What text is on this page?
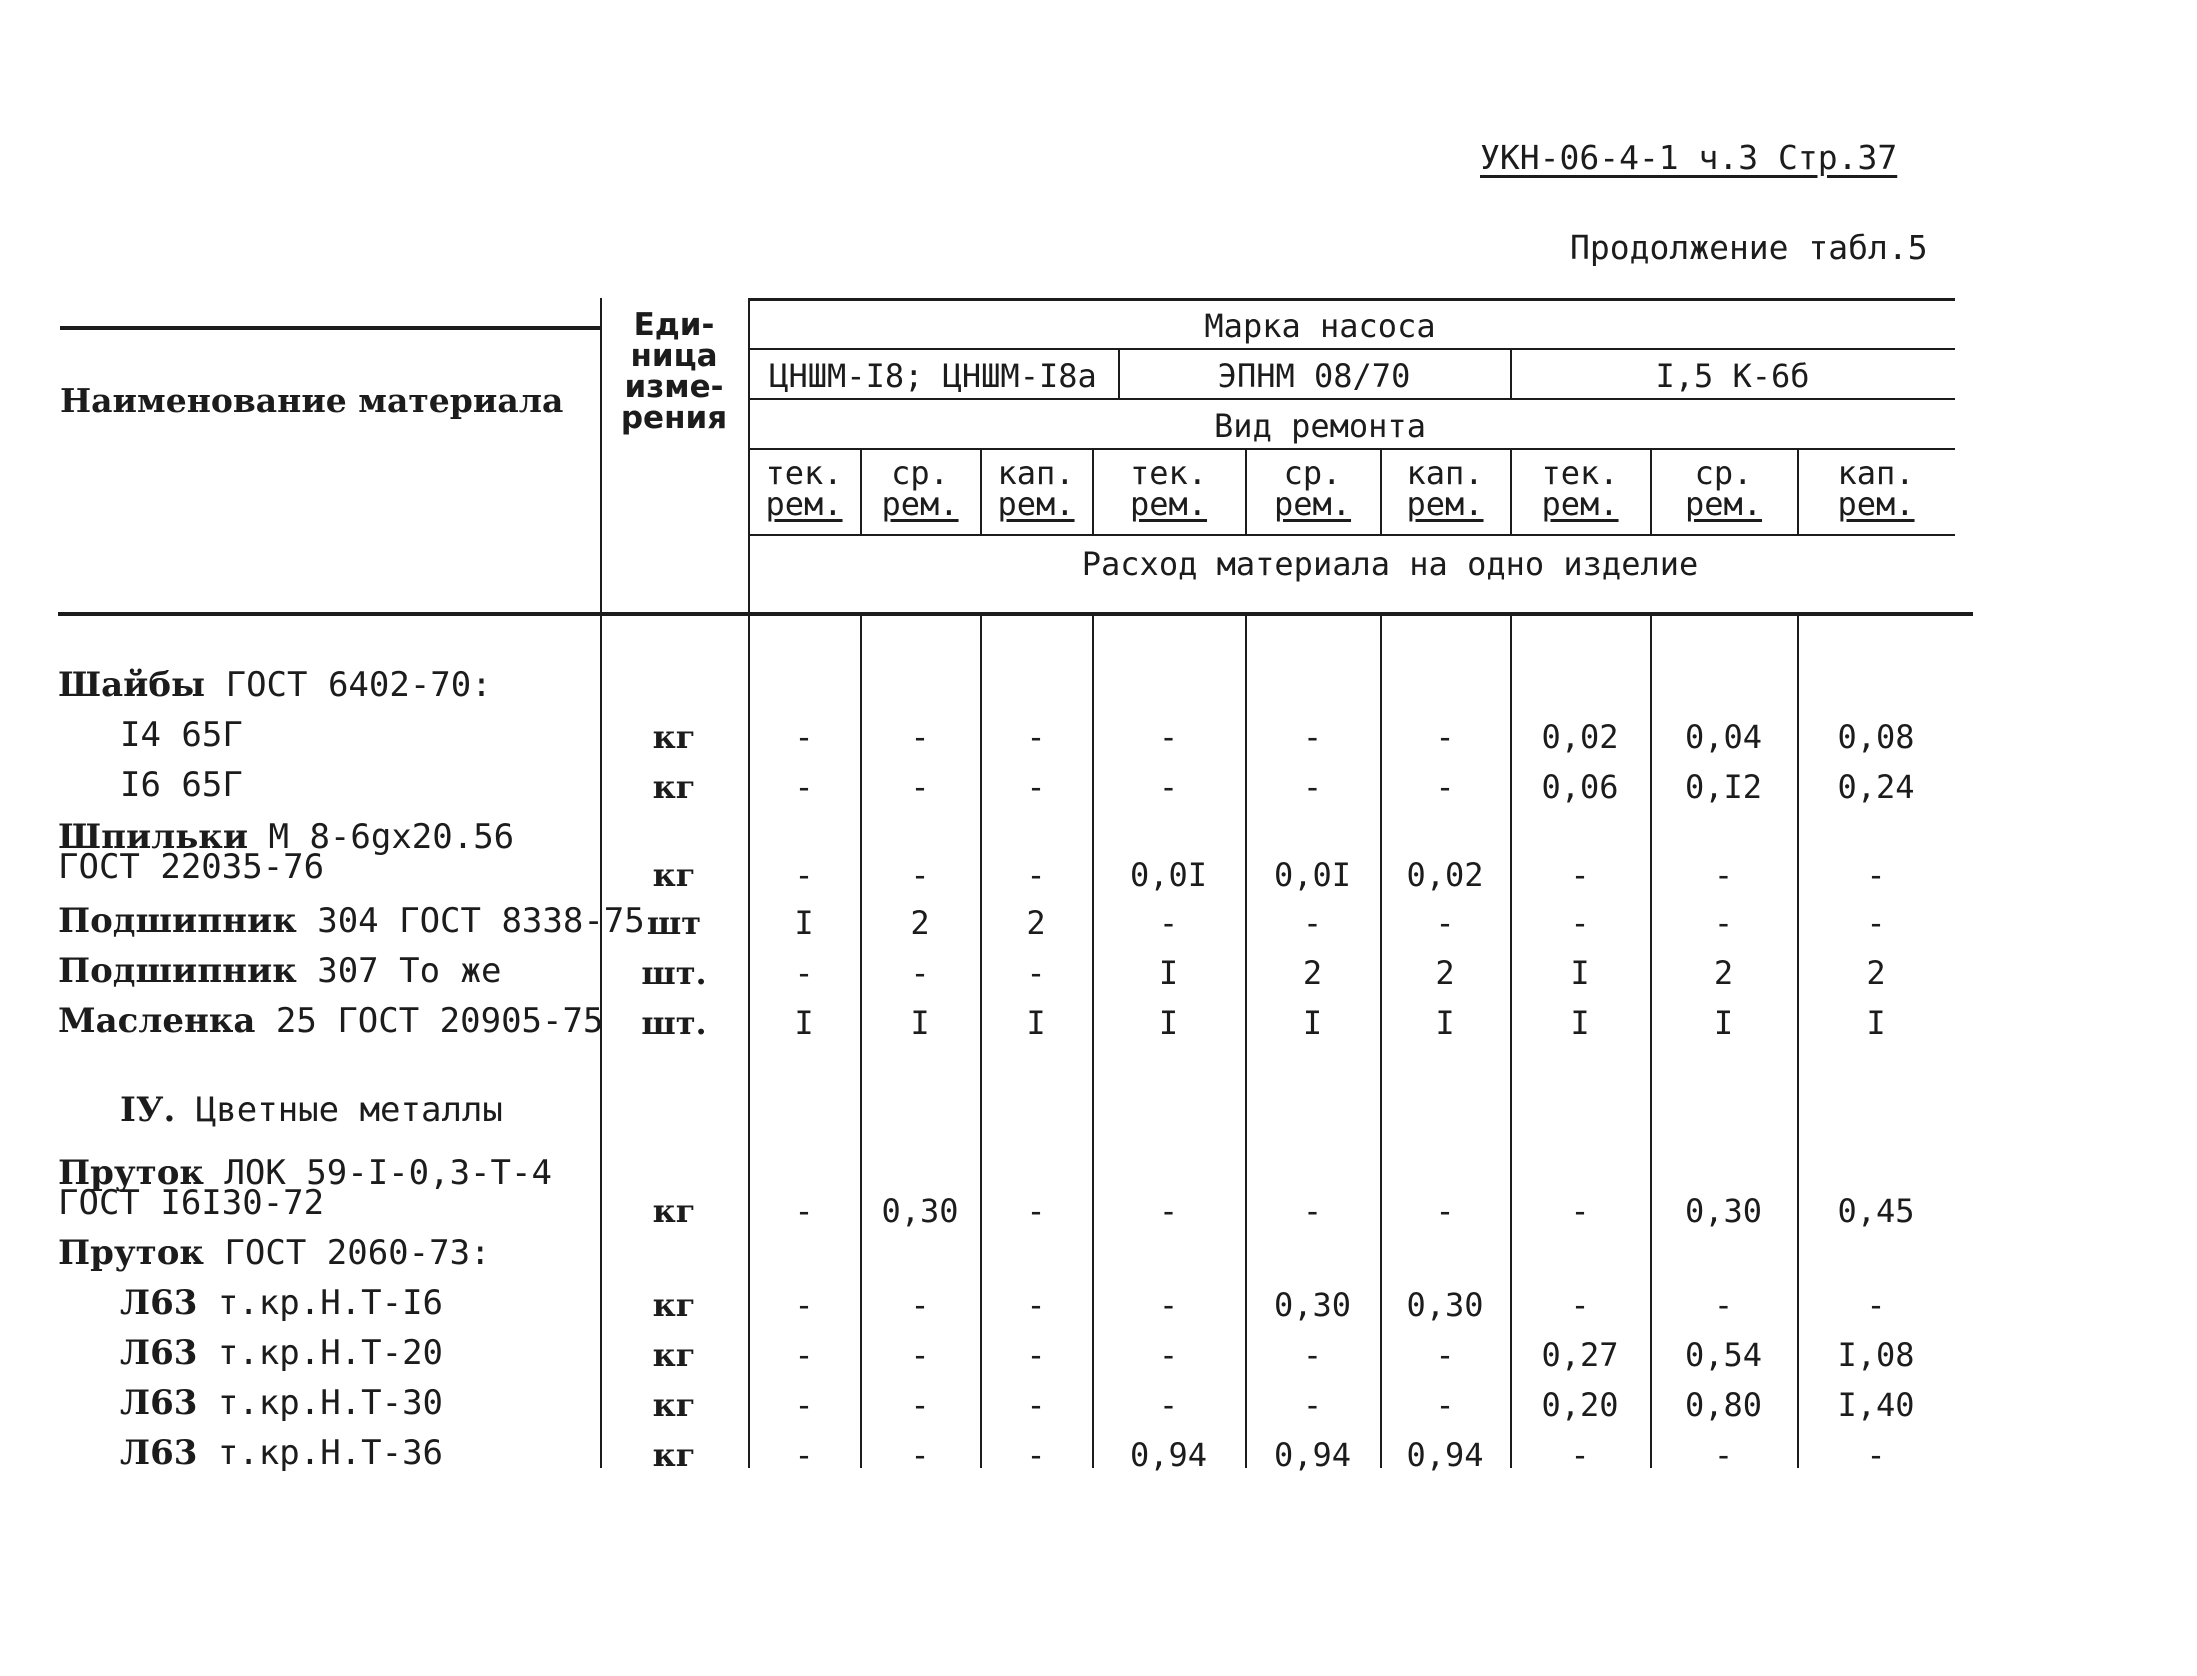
УКН-06-4-1 ч.3 Стр.37
Продолжение табл.5
Наименование материала
Еди-
ница
изме-
рения
Марка насоса
ЦНШМ-I8; ЦНШМ-I8а	ЭПНМ 08/70	I,5 К-6б
Вид ремонта
тек.
рем.
ср.
рем.
кап.
рем.
тек.
рем.
ср.
рем.
кап.
рем.
тек.
рем.
ср.
рем.
кап.
рем.
Расход материала на одно изделие
Шайбы ГОСТ 6402-70:
I4 65Г	кг	-	-	-	-	-	-	0,02 0,04 0,08
I6 65Г	кг	-	-	-	-	-	-	0,06 0,I2 0,24
Шпильки М 8-6gх20.56
ГОСТ 22035-76	кг	-	-	-	0,0I 0,0I 0,02	-	-	-
Подшипник 304 ГОСТ 8338-75 шт	I	2	2	-	-	-	-	-	-
Подшипник 307 То же	шт.	-	-	-	I	2	2	I	2	2
Масленка 25 ГОСТ 20905-75 шт.	I	I	I	I	I	I	I	I	I
IУ. Цветные металлы
Пруток ЛОК 59-I-0,3-Т-4
ГОСТ I6I30-72	кг	- 0,30 -	-	-	-	-	0,30 0,45
Пруток ГОСТ 2060-73:
Л63 т.кр.Н.Т-I6	кг	-	-	-	-	0,30 0,30	-	-	-
Л63 т.кр.Н.Т-20	кг	-	-	-	-	-	-	0,27 0,54 I,08
Л63 т.кр.Н.Т-30	кг	-	-	-	-	-	-	0,20 0,80 I,40
Л63 т.кр.Н.Т-36	кг	-	-	-	0,94 0,94 0,94	-	-	-
